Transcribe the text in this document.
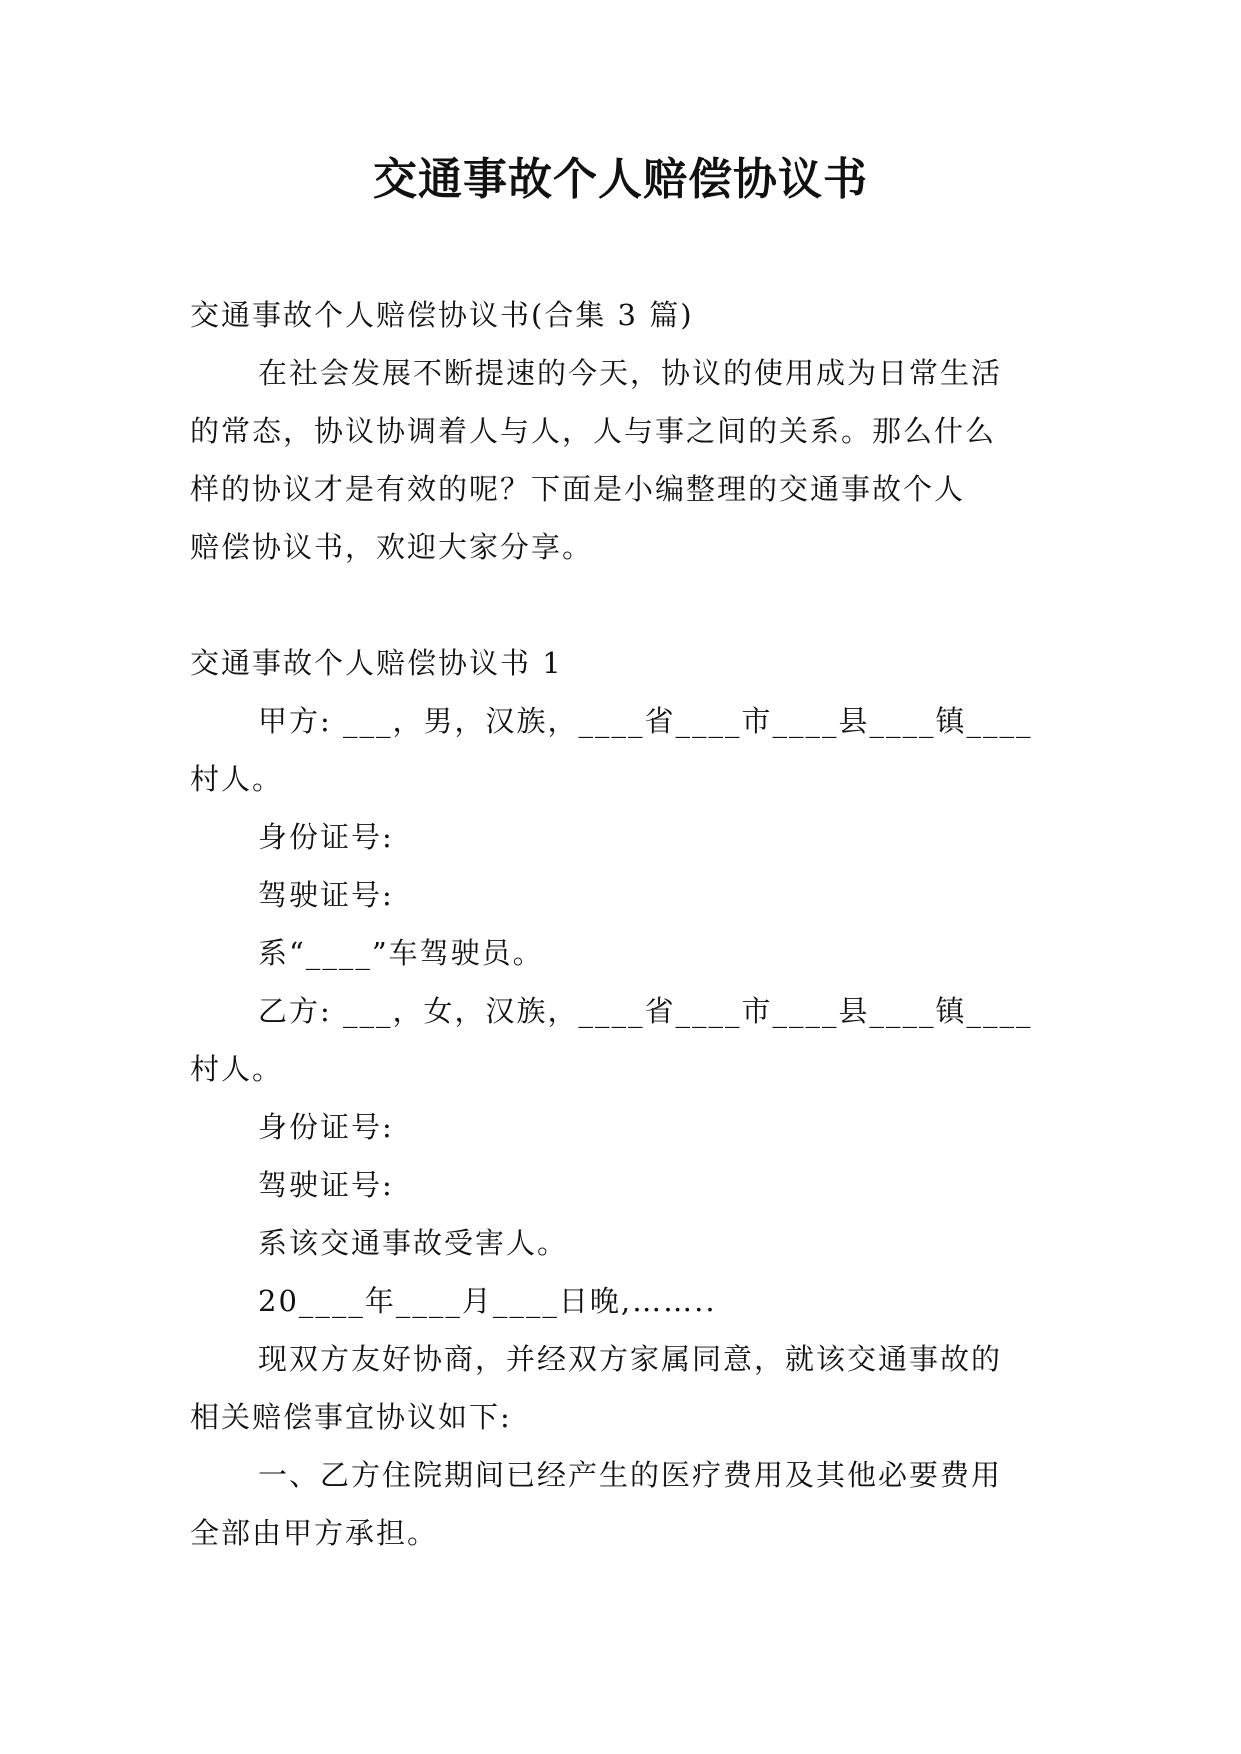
交通事故个人赔偿协议书
交通事故个人赔偿协议书(合集 3 篇)
在社会发展不断提速的今天，协议的使用成为日常生活
的常态，协议协调着人与人，人与事之间的关系。那么什么
样的协议才是有效的呢？下面是小编整理的交通事故个人
赔偿协议书，欢迎大家分享。
交通事故个人赔偿协议书 1
甲方: ___，男，汉族，____省____市____县____镇____
村人。
身份证号:
驾驶证号:
系“____”车驾驶员。
乙方: ___，女，汉族，____省____市____县____镇____
村人。
身份证号:
驾驶证号:
系该交通事故受害人。
20____年____月____日晚,……..
现双方友好协商，并经双方家属同意，就该交通事故的
相关赔偿事宜协议如下:
一、乙方住院期间已经产生的医疗费用及其他必要费用
全部由甲方承担。
